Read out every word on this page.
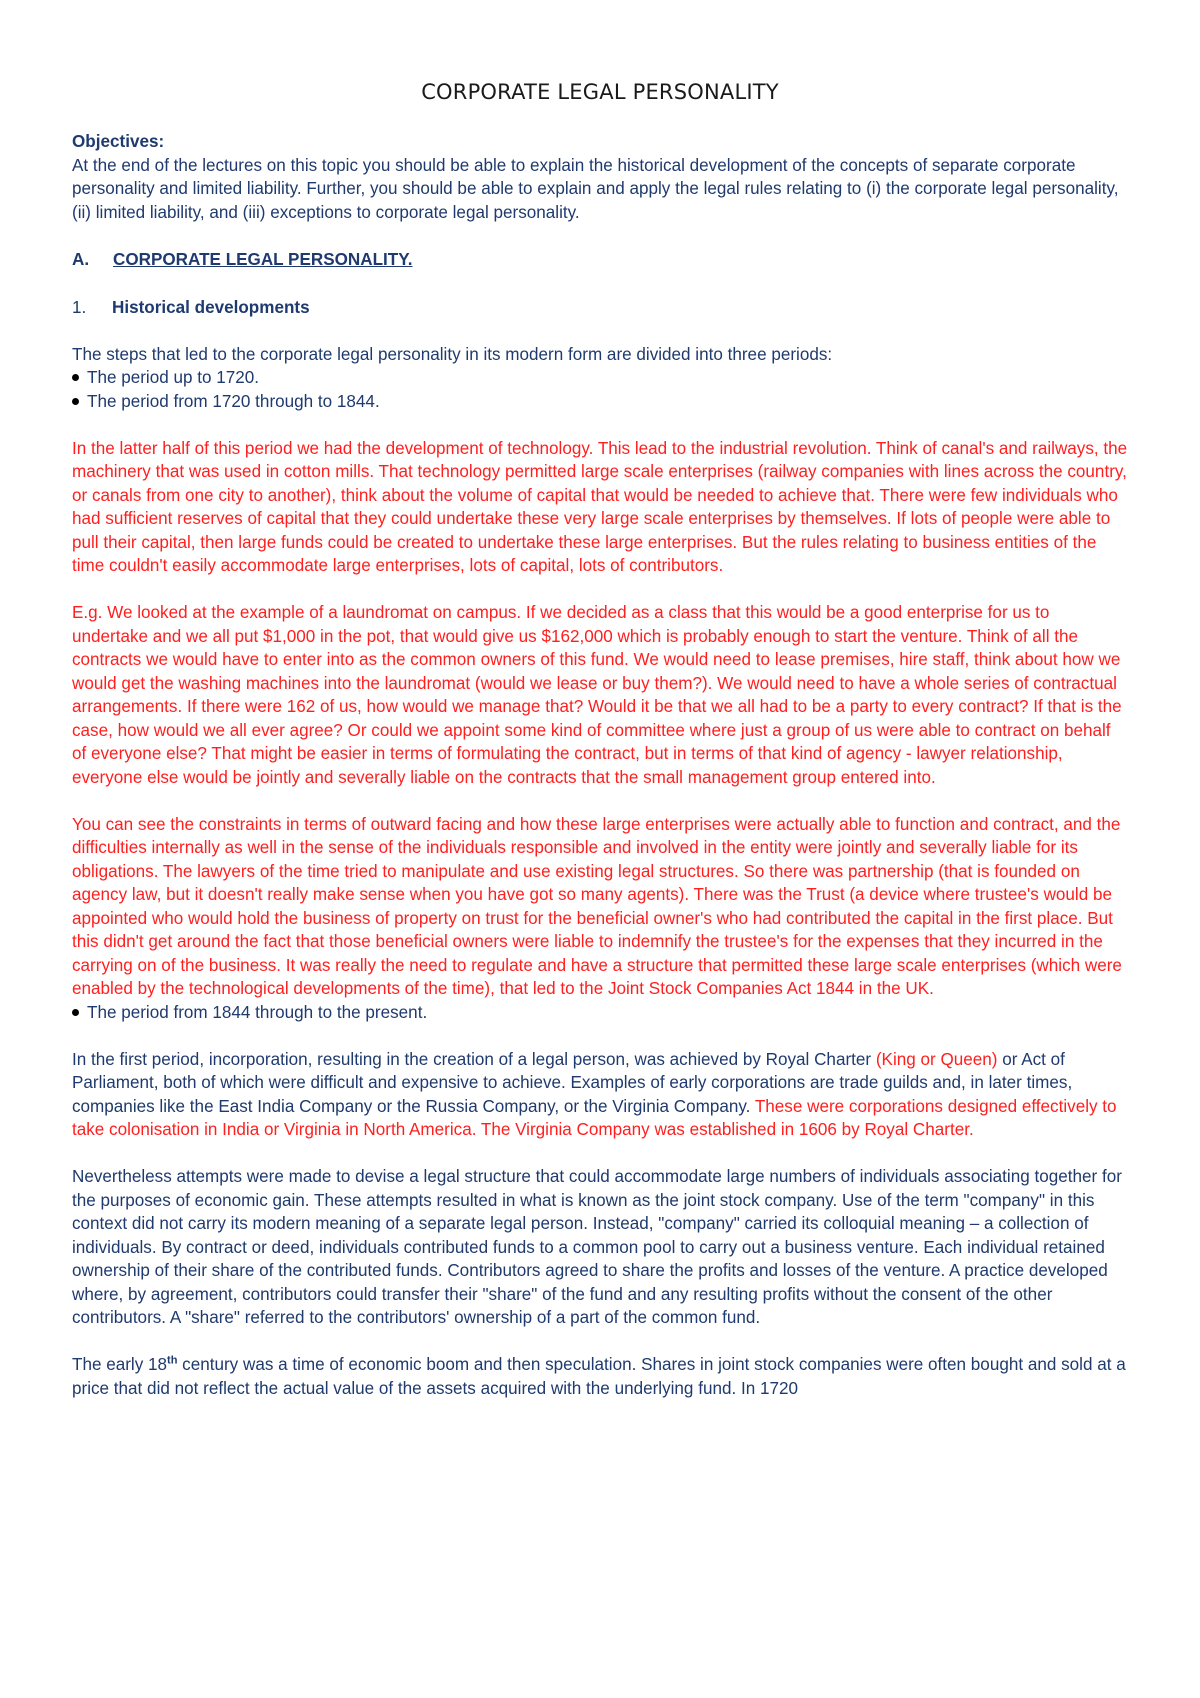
CORPORATE LEGAL PERSONALITY

Objectives:

At the end of the lectures on this topic you should be able to explain the historical development of the concepts of separate corporate personality and limited liability. Further, you should be able to explain and apply the legal rules relating to (i) the corporate legal personality, (ii) limited liability, and (iii) exceptions to corporate legal personality.

A. CORPORATE LEGAL PERSONALITY.

1. Historical developments

The steps that led to the corporate legal personality in its modern form are divided into three periods:

The period up to 1720.
The period from 1720 through to 1844.

In the latter half of this period we had the development of technology. This lead to the industrial revolution. Think of canal's and railways, the machinery that was used in cotton mills. That technology permitted large scale enterprises (railway companies with lines across the country, or canals from one city to another), think about the volume of capital that would be needed to achieve that. There were few individuals who had sufficient reserves of capital that they could undertake these very large scale enterprises by themselves. If lots of people were able to pull their capital, then large funds could be created to undertake these large enterprises. But the rules relating to business entities of the time couldn't easily accommodate large enterprises, lots of capital, lots of contributors.

E.g. We looked at the example of a laundromat on campus. If we decided as a class that this would be a good enterprise for us to undertake and we all put $1,000 in the pot, that would give us $162,000 which is probably enough to start the venture. Think of all the contracts we would have to enter into as the common owners of this fund. We would need to lease premises, hire staff, think about how we would get the washing machines into the laundromat (would we lease or buy them?). We would need to have a whole series of contractual arrangements. If there were 162 of us, how would we manage that? Would it be that we all had to be a party to every contract? If that is the case, how would we all ever agree? Or could we appoint some kind of committee where just a group of us were able to contract on behalf of everyone else? That might be easier in terms of formulating the contract, but in terms of that kind of agency - lawyer relationship, everyone else would be jointly and severally liable on the contracts that the small management group entered into.

You can see the constraints in terms of outward facing and how these large enterprises were actually able to function and contract, and the difficulties internally as well in the sense of the individuals responsible and involved in the entity were jointly and severally liable for its obligations. The lawyers of the time tried to manipulate and use existing legal structures. So there was partnership (that is founded on agency law, but it doesn't really make sense when you have got so many agents). There was the Trust (a device where trustee's would be appointed who would hold the business of property on trust for the beneficial owner's who had contributed the capital in the first place. But this didn't get around the fact that those beneficial owners were liable to indemnify the trustee's for the expenses that they incurred in the carrying on of the business. It was really the need to regulate and have a structure that permitted these large scale enterprises (which were enabled by the technological developments of the time), that led to the Joint Stock Companies Act 1844 in the UK.

The period from 1844 through to the present.

In the first period, incorporation, resulting in the creation of a legal person, was achieved by Royal Charter (King or Queen) or Act of Parliament, both of which were difficult and expensive to achieve. Examples of early corporations are trade guilds and, in later times, companies like the East India Company or the Russia Company, or the Virginia Company. These were corporations designed effectively to take colonisation in India or Virginia in North America. The Virginia Company was established in 1606 by Royal Charter.

Nevertheless attempts were made to devise a legal structure that could accommodate large numbers of individuals associating together for the purposes of economic gain. These attempts resulted in what is known as the joint stock company. Use of the term "company" in this context did not carry its modern meaning of a separate legal person. Instead, "company" carried its colloquial meaning – a collection of individuals. By contract or deed, individuals contributed funds to a common pool to carry out a business venture. Each individual retained ownership of their share of the contributed funds. Contributors agreed to share the profits and losses of the venture. A practice developed where, by agreement, contributors could transfer their "share" of the fund and any resulting profits without the consent of the other contributors. A "share" referred to the contributors' ownership of a part of the common fund.

The early 18th century was a time of economic boom and then speculation. Shares in joint stock companies were often bought and sold at a price that did not reflect the actual value of the assets acquired with the underlying fund. In 1720
